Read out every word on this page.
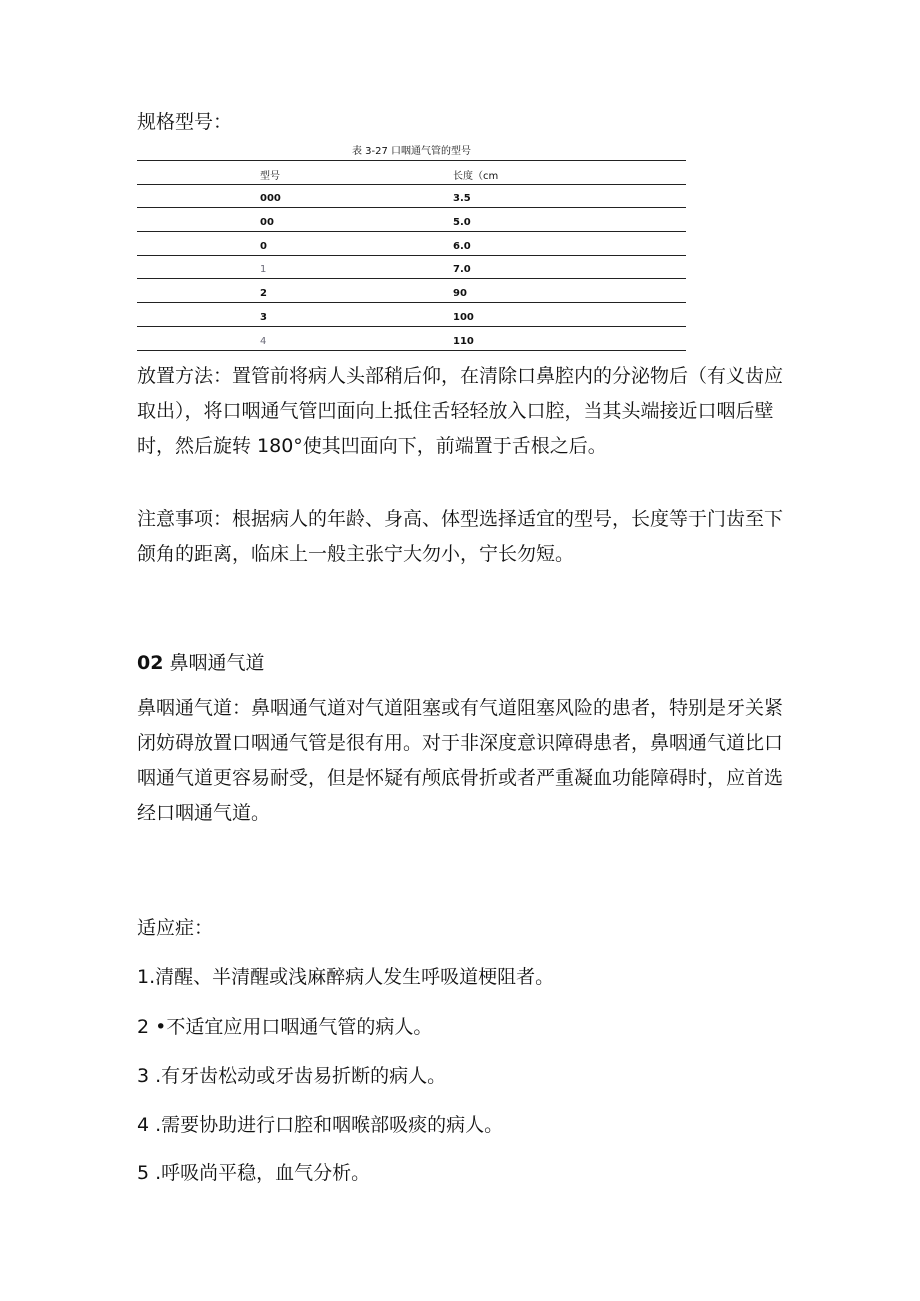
规格型号：

表 3-27 口咽通气管的型号
型号	长度（cm
000	3.5
00	5.0
0	6.0
1	7.0
2	90
3	100
4	110

放置方法：置管前将病人头部稍后仰，在清除口鼻腔内的分泌物后（有义齿应取出），将口咽通气管凹面向上抵住舌轻轻放入口腔，当其头端接近口咽后壁时，然后旋转 180°使其凹面向下，前端置于舌根之后。

注意事项：根据病人的年龄、身高、体型选择适宜的型号，长度等于门齿至下颌角的距离，临床上一般主张宁大勿小，宁长勿短。

02 鼻咽通气道

鼻咽通气道：鼻咽通气道对气道阻塞或有气道阻塞风险的患者，特别是牙关紧闭妨碍放置口咽通气管是很有用。对于非深度意识障碍患者，鼻咽通气道比口咽通气道更容易耐受，但是怀疑有颅底骨折或者严重凝血功能障碍时，应首选经口咽通气道。

适应症：

1.清醒、半清醒或浅麻醉病人发生呼吸道梗阻者。

2 •不适宜应用口咽通气管的病人。

3 .有牙齿松动或牙齿易折断的病人。

4 .需要协助进行口腔和咽喉部吸痰的病人。

5 .呼吸尚平稳，血气分析。
